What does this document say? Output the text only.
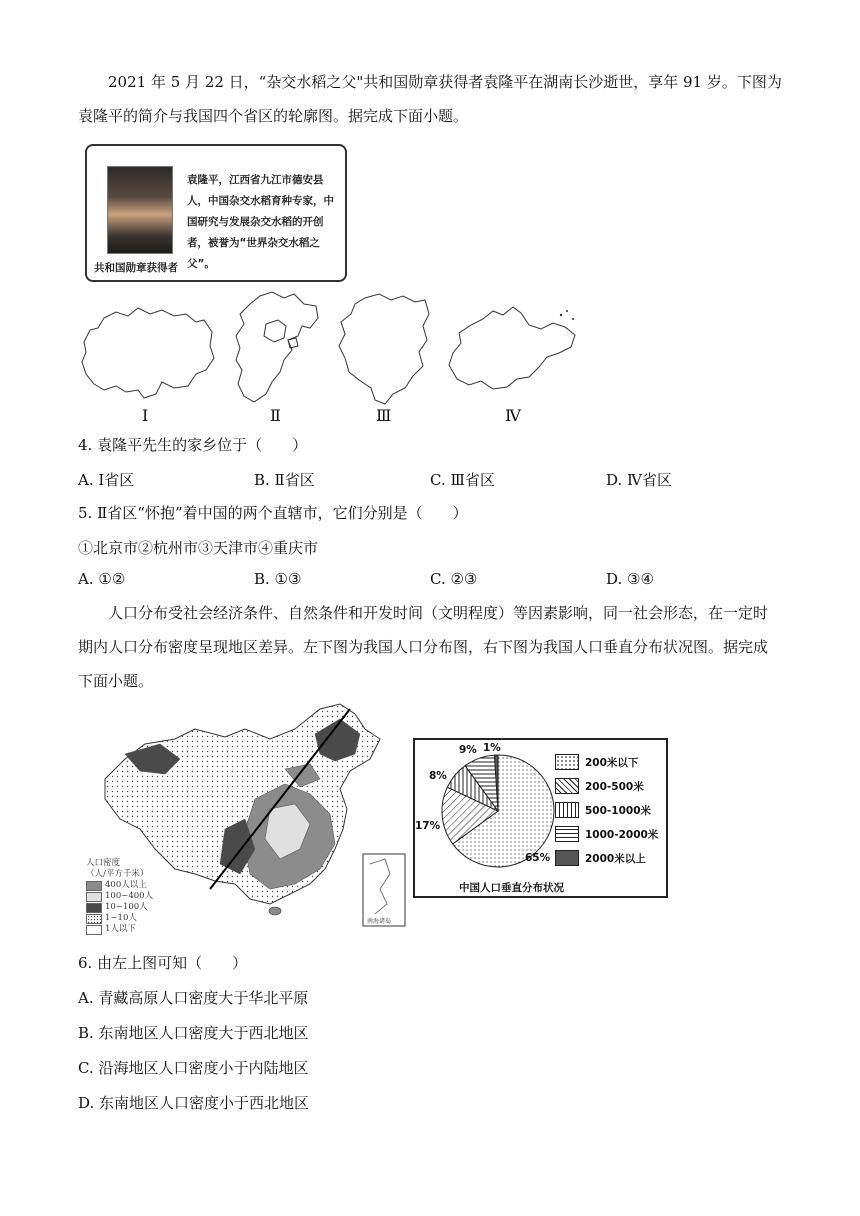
2021 年 5 月 22 日，“杂交水稻之父"共和国勋章获得者袁隆平在湖南长沙逝世，享年 91 岁。下图为袁隆平的简介与我国四个省区的轮廓图。据完成下面小题。
袁隆平，江西省九江市德安县人，中国杂交水稻育种专家，中国研究与发展杂交水稻的开创者，被誉为“世界杂交水稻之父”。
共和国勋章获得者
Ⅰ	Ⅱ	Ⅲ	Ⅳ
4. 袁隆平先生的家乡位于（　　）
A. Ⅰ省区	B. Ⅱ省区	C. Ⅲ省区	D. Ⅳ省区
5. Ⅱ省区“怀抱”着中国的两个直辖市，它们分别是（　　）
①北京市②杭州市③天津市④重庆市
A. ①②	B. ①③	C. ②③	D. ③④
人口分布受社会经济条件、自然条件和开发时间（文明程度）等因素影响，同一社会形态，在一定时期内人口分布密度呈现地区差异。左下图为我国人口分布图，右下图为我国人口垂直分布状况图。据完成下面小题。
南海诸岛
人口密度
（人/平方千米）
400人以上
100~400人
10~100人
1~10人
1人以下
9% 1%
8%
17%
65%
200米以下
200-500米
500-1000米
1000-2000米
2000米以上
中国人口垂直分布状况
6. 由左上图可知（　　）
A. 青藏高原人口密度大于华北平原
B. 东南地区人口密度大于西北地区
C. 沿海地区人口密度小于内陆地区
D. 东南地区人口密度小于西北地区
